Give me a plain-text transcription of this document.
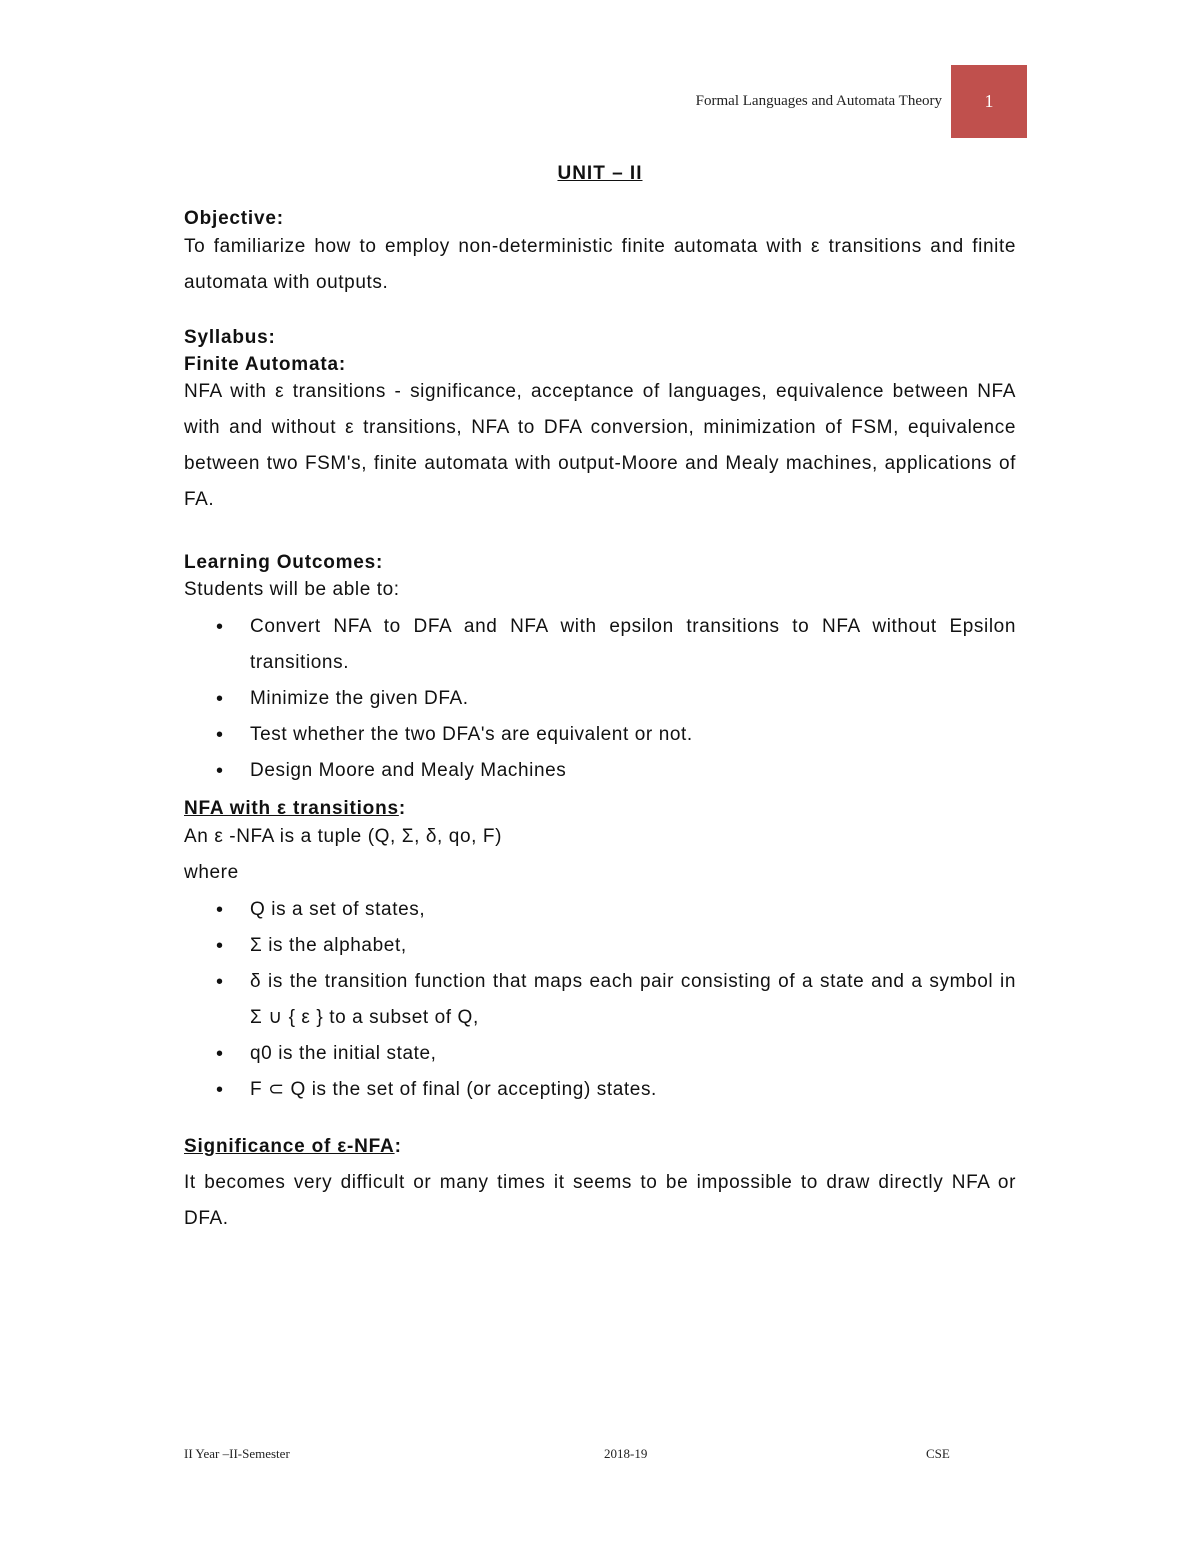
Formal Languages and Automata Theory	1
UNIT – II
Objective:
To familiarize how to employ non-deterministic finite automata with ε transitions and finite automata with outputs.
Syllabus:
Finite Automata:
NFA with ε transitions - significance, acceptance of languages, equivalence between NFA with and without ε transitions, NFA to DFA conversion, minimization of FSM, equivalence between two FSM's, finite automata with output-Moore and Mealy machines, applications of FA.
Learning Outcomes:
Students will be able to:
• Convert NFA to DFA and NFA with epsilon transitions to NFA without Epsilon transitions.
• Minimize the given DFA.
• Test whether the two DFA's are equivalent or not.
• Design Moore and Mealy Machines
NFA with ε transitions:
An ε -NFA is a tuple (Q, Σ, δ, qo, F)
where
• Q is a set of states,
• Σ is the alphabet,
• δ is the transition function that maps each pair consisting of a state and a symbol in Σ ∪ { ε } to a subset of Q,
• q0 is the initial state,
• F ⊂ Q is the set of final (or accepting) states.
Significance of ε-NFA:
It becomes very difficult or many times it seems to be impossible to draw directly NFA or DFA.
II Year –II-Semester	2018-19	CSE
